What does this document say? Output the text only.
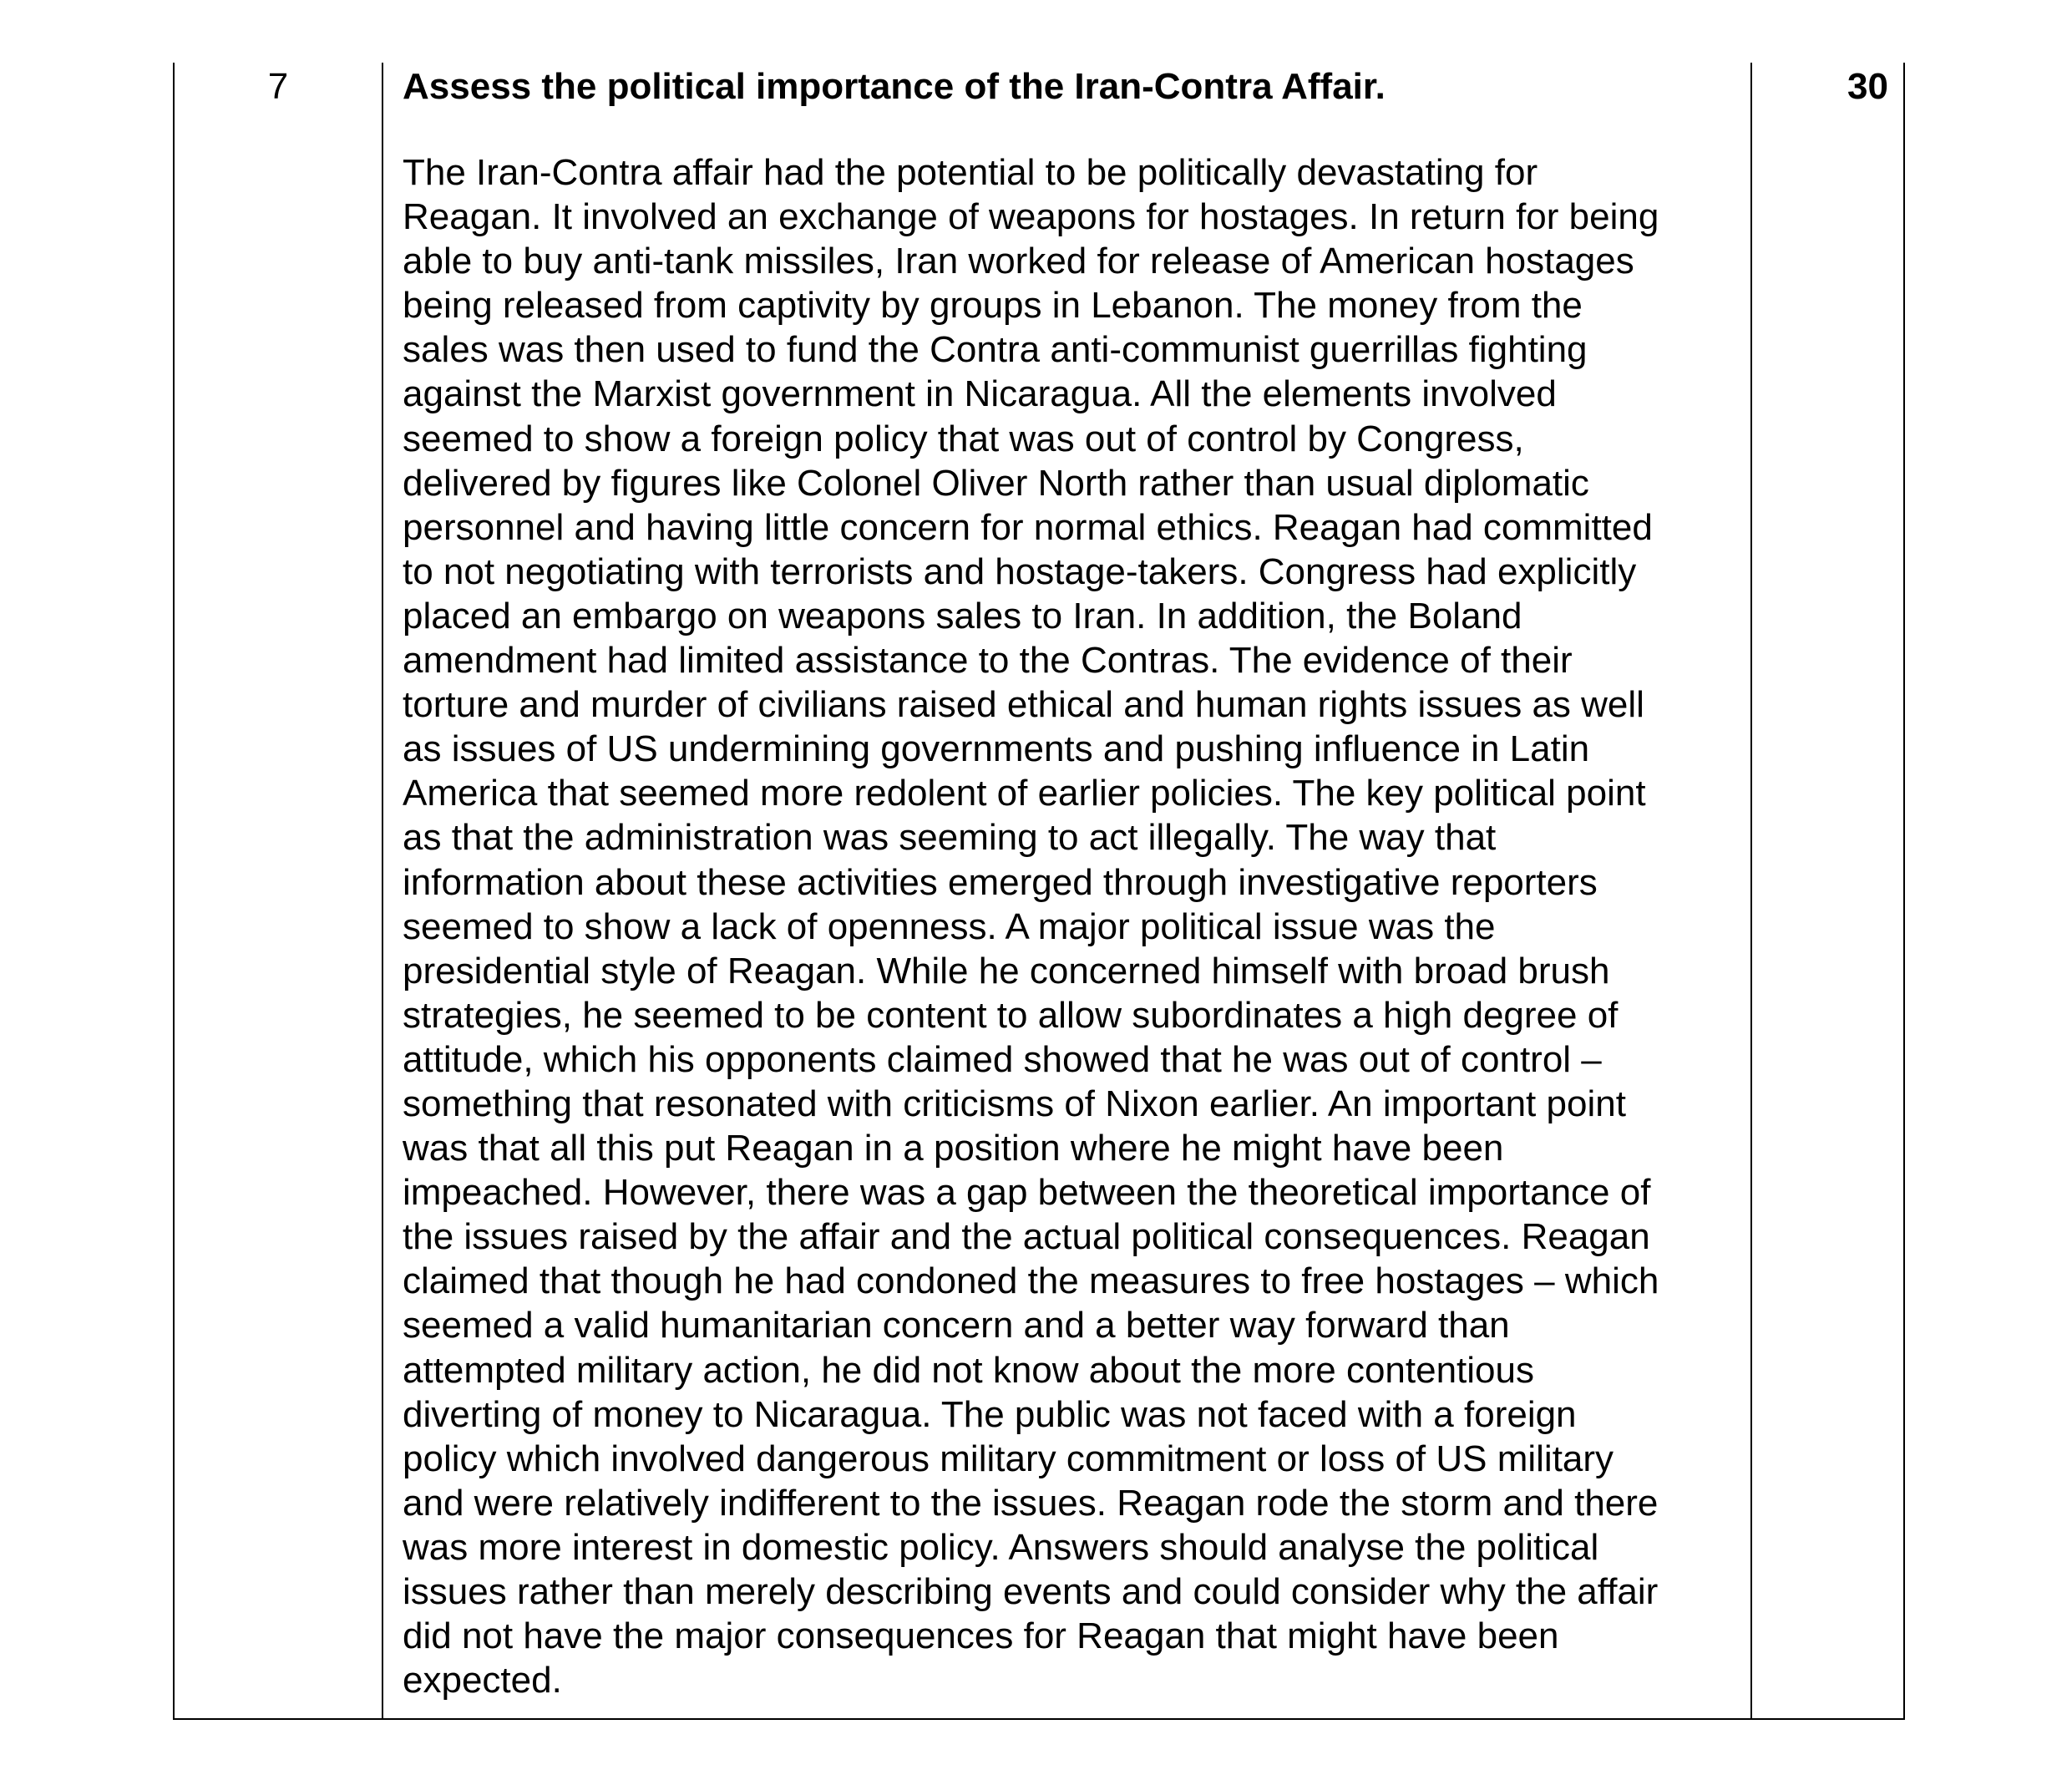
7	Assess the political importance of the Iran-Contra Affair.

The Iran-Contra affair had the potential to be politically devastating for
Reagan. It involved an exchange of weapons for hostages. In return for being
able to buy anti-tank missiles, Iran worked for release of American hostages
being released from captivity by groups in Lebanon. The money from the
sales was then used to fund the Contra anti-communist guerrillas fighting
against the Marxist government in Nicaragua. All the elements involved
seemed to show a foreign policy that was out of control by Congress,
delivered by figures like Colonel Oliver North rather than usual diplomatic
personnel and having little concern for normal ethics. Reagan had committed
to not negotiating with terrorists and hostage-takers. Congress had explicitly
placed an embargo on weapons sales to Iran. In addition, the Boland
amendment had limited assistance to the Contras. The evidence of their
torture and murder of civilians raised ethical and human rights issues as well
as issues of US undermining governments and pushing influence in Latin
America that seemed more redolent of earlier policies. The key political point
as that the administration was seeming to act illegally. The way that
information about these activities emerged through investigative reporters
seemed to show a lack of openness. A major political issue was the
presidential style of Reagan. While he concerned himself with broad brush
strategies, he seemed to be content to allow subordinates a high degree of
attitude, which his opponents claimed showed that he was out of control –
something that resonated with criticisms of Nixon earlier. An important point
was that all this put Reagan in a position where he might have been
impeached. However, there was a gap between the theoretical importance of
the issues raised by the affair and the actual political consequences. Reagan
claimed that though he had condoned the measures to free hostages – which
seemed a valid humanitarian concern and a better way forward than
attempted military action, he did not know about the more contentious
diverting of money to Nicaragua. The public was not faced with a foreign
policy which involved dangerous military commitment or loss of US military
and were relatively indifferent to the issues. Reagan rode the storm and there
was more interest in domestic policy. Answers should analyse the political
issues rather than merely describing events and could consider why the affair
did not have the major consequences for Reagan that might have been
expected.
30
